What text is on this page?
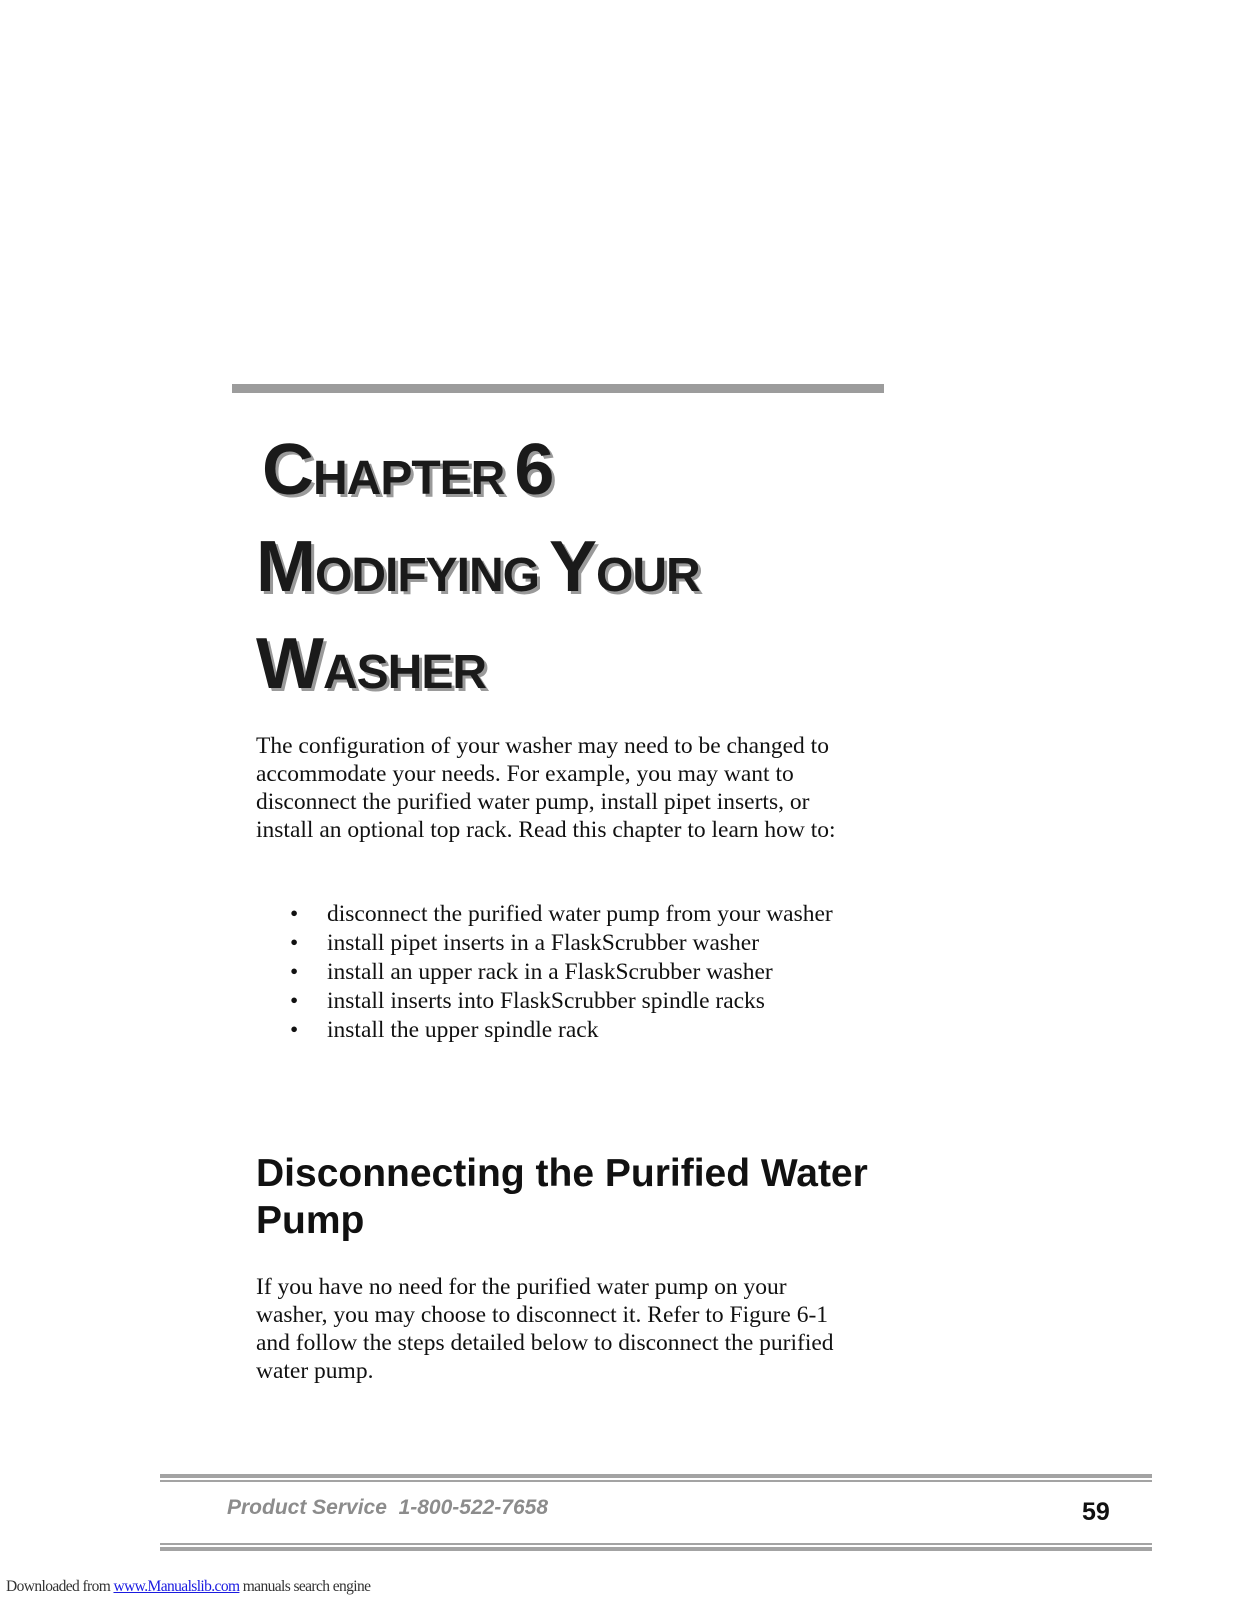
CHAPTER 6
MODIFYING YOUR
WASHER

The configuration of your washer may need to be changed to accommodate your needs. For example, you may want to disconnect the purified water pump, install pipet inserts, or install an optional top rack. Read this chapter to learn how to:

• disconnect the purified water pump from your washer
• install pipet inserts in a FlaskScrubber washer
• install an upper rack in a FlaskScrubber washer
• install inserts into FlaskScrubber spindle racks
• install the upper spindle rack
Disconnecting the Purified Water Pump

If you have no need for the purified water pump on your washer, you may choose to disconnect it. Refer to Figure 6-1 and follow the steps detailed below to disconnect the purified water pump.

Product Service  1-800-522-7658	59
Downloaded from www.Manualslib.com manuals search engine
